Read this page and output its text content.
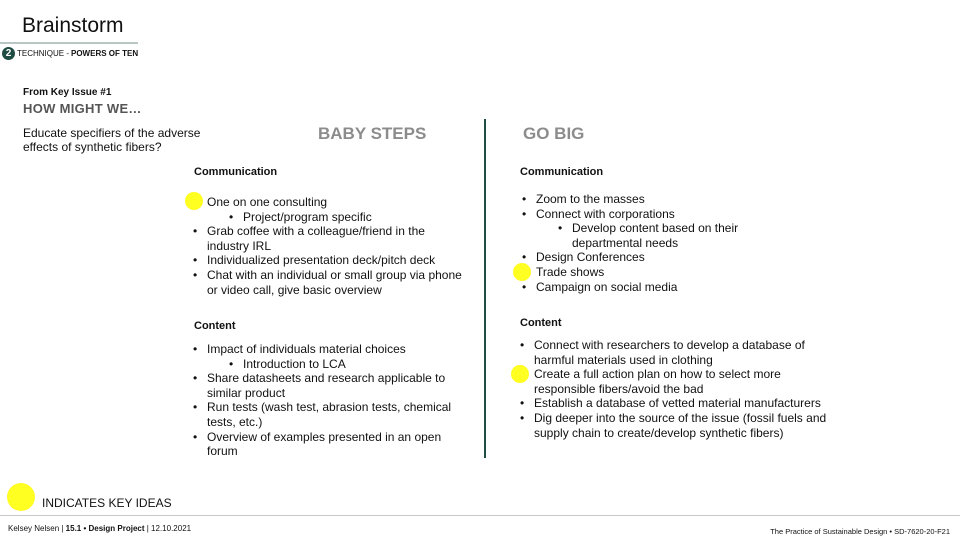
Brainstorm
2 TECHNIQUE - POWERS OF TEN
From Key Issue #1
HOW MIGHT WE…
Educate specifiers of the adverse effects of synthetic fibers?
BABY STEPS	GO BIG
Communication
• One on one consulting
• Project/program specific
• Grab coffee with a colleague/friend in the industry IRL
• Individualized presentation deck/pitch deck
• Chat with an individual or small group via phone or video call, give basic overview
Content
• Impact of individuals material choices
• Introduction to LCA
• Share datasheets and research applicable to similar product
• Run tests (wash test, abrasion tests, chemical tests, etc.)
• Overview of examples presented in an open forum
Communication
• Zoom to the masses
• Connect with corporations
• Develop content based on their departmental needs
• Design Conferences
• Trade shows
• Campaign on social media
Content
• Connect with researchers to develop a database of harmful materials used in clothing
• Create a full action plan on how to select more responsible fibers/avoid the bad
• Establish a database of vetted material manufacturers
• Dig deeper into the source of the issue (fossil fuels and supply chain to create/develop synthetic fibers)
INDICATES KEY IDEAS
Kelsey Nelsen | 15.1 • Design Project | 12.10.2021	The Practice of Sustainable Design • SD-7620-20-F21
